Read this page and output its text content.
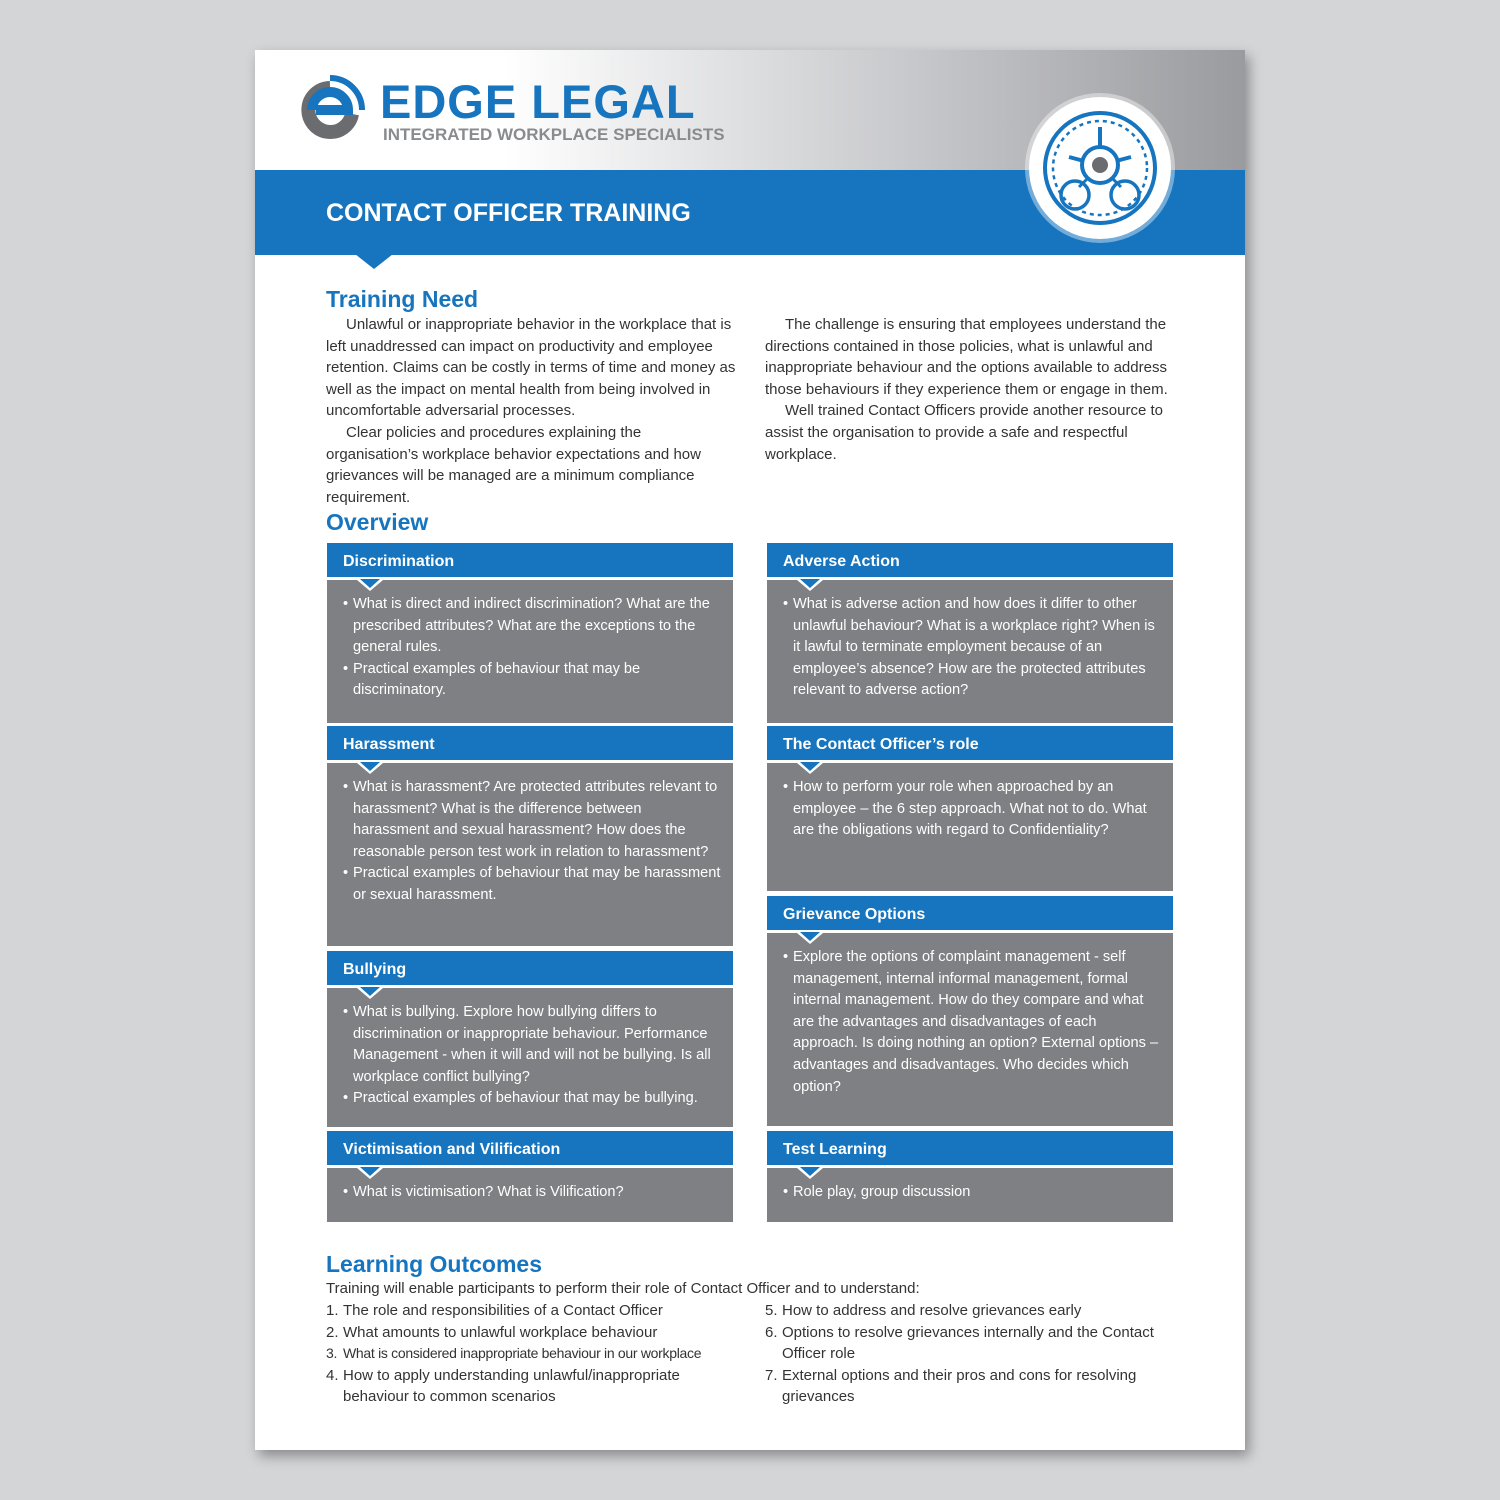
EDGE LEGAL
INTEGRATED WORKPLACE SPECIALISTS
CONTACT OFFICER TRAINING
Training Need

Unlawful or inappropriate behavior in the workplace that is left unaddressed can impact on productivity and employee retention. Claims can be costly in terms of time and money as well as the impact on mental health from being involved in uncomfortable adversarial processes.

Clear policies and procedures explaining the organisation’s workplace behavior expectations and how grievances will be managed are a minimum compliance requirement.

The challenge is ensuring that employees understand the directions contained in those policies, what is unlawful and inappropriate behaviour and the options available to address those behaviours if they experience them or engage in them.

Well trained Contact Officers provide another resource to assist the organisation to provide a safe and respectful workplace.

Overview
Discrimination
• What is direct and indirect discrimination? What are the prescribed attributes? What are the exceptions to the general rules.
• Practical examples of behaviour that may be discriminatory.
Harassment
• What is harassment? Are protected attributes relevant to harassment? What is the difference between harassment and sexual harassment? How does the reasonable person test work in relation to harassment?
• Practical examples of behaviour that may be harassment or sexual harassment.
Bullying
• What is bullying. Explore how bullying differs to discrimination or inappropriate behaviour. Performance Management - when it will and will not be bullying. Is all workplace conflict bullying?
• Practical examples of behaviour that may be bullying.
Victimisation and Vilification
• What is victimisation? What is Vilification?
Adverse Action
• What is adverse action and how does it differ to other unlawful behaviour? What is a workplace right? When is it lawful to terminate employment because of an employee’s absence? How are the protected attributes relevant to adverse action?
The Contact Officer’s role
• How to perform your role when approached by an employee – the 6 step approach. What not to do. What are the obligations with regard to Confidentiality?
Grievance Options
• Explore the options of complaint management - self management, internal informal management, formal internal management. How do they compare and what are the advantages and disadvantages of each approach. Is doing nothing an option? External options – advantages and disadvantages. Who decides which option?
Test Learning
• Role play, group discussion
Learning Outcomes
Training will enable participants to perform their role of Contact Officer and to understand:
1. The role and responsibilities of a Contact Officer
2. What amounts to unlawful workplace behaviour
3. What is considered inappropriate behaviour in our workplace
4. How to apply understanding unlawful/inappropriate behaviour to common scenarios
5. How to address and resolve grievances early
6. Options to resolve grievances internally and the Contact Officer role
7. External options and their pros and cons for resolving grievances
